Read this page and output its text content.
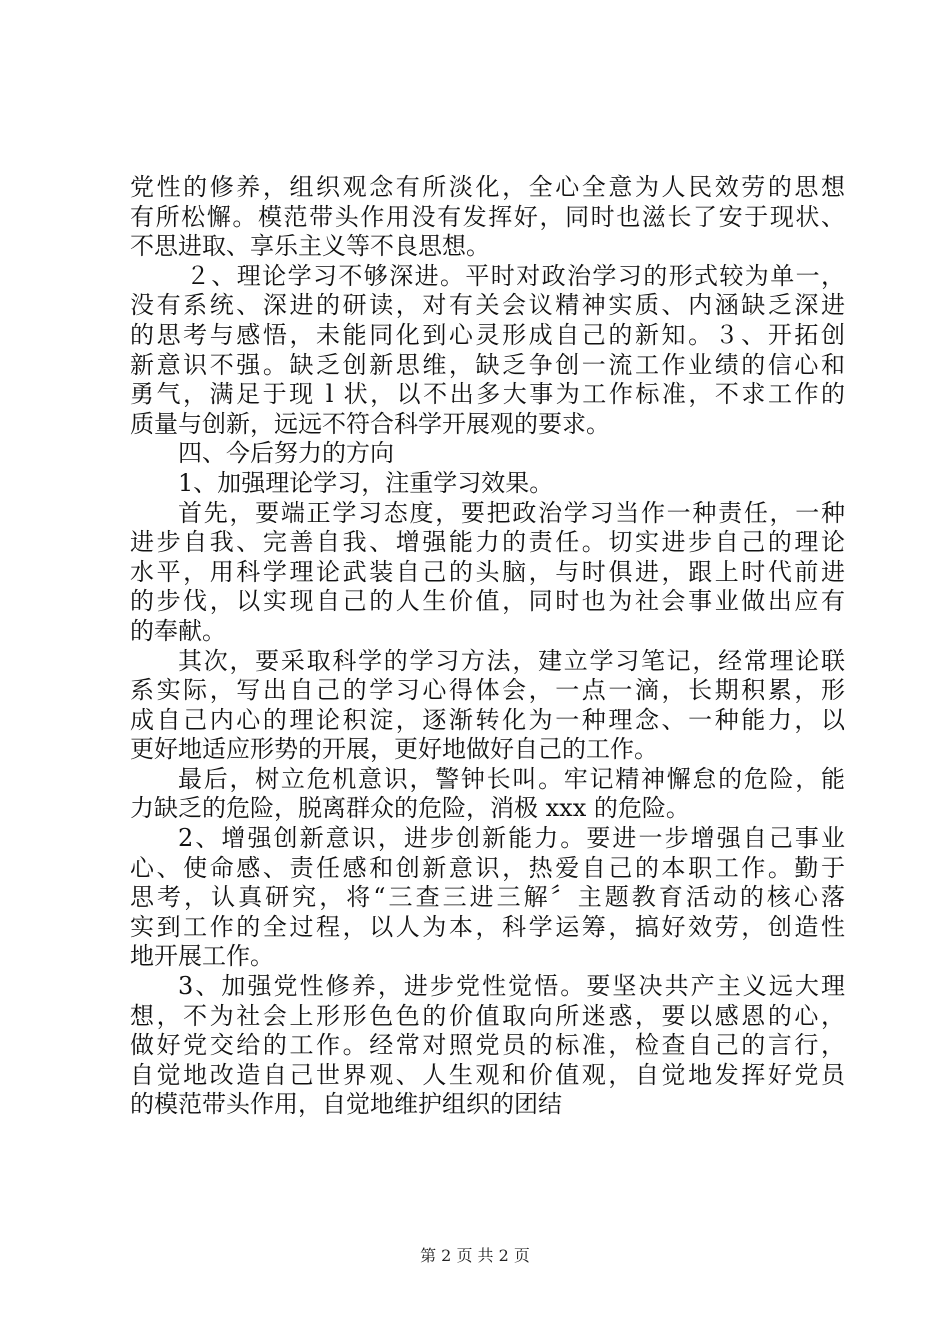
党性的修养，组织观念有所淡化，全心全意为人民效劳的思想
有所松懈。模范带头作用没有发挥好，同时也滋长了安于现状、
不思进取、享乐主义等不良思想。
２、理论学习不够深进。平时对政治学习的形式较为单一，
没有系统、深进的研读，对有关会议精神实质、内涵缺乏深进
的思考与感悟，未能同化到心灵形成自己的新知。３、开拓创
新意识不强。缺乏创新思维，缺乏争创一流工作业绩的信心和
勇气，满足于现 l 状，以不出多大事为工作标准，不求工作的
质量与创新，远远不符合科学开展观的要求。
四、今后努力的方向
1、加强理论学习，注重学习效果。
首先，要端正学习态度，要把政治学习当作一种责任，一种
进步自我、完善自我、增强能力的责任。切实进步自己的理论
水平，用科学理论武装自己的头脑，与时俱进，跟上时代前进
的步伐，以实现自己的人生价值，同时也为社会事业做出应有
的奉献。
其次，要采取科学的学习方法，建立学习笔记，经常理论联
系实际，写出自己的学习心得体会，一点一滴，长期积累，形
成自己内心的理论积淀，逐渐转化为一种理念、一种能力，以
更好地适应形势的开展，更好地做好自己的工作。
最后，树立危机意识，警钟长叫。牢记精神懈怠的危险，能
力缺乏的危险，脱离群众的危险，消极 xxx 的危险。
2、增强创新意识，进步创新能力。要进一步增强自己事业
心、使命感、责任感和创新意识，热爱自己的本职工作。勤于
思考，认真研究，将“三查三进三解〞主题教育活动的核心落
实到工作的全过程，以人为本，科学运筹，搞好效劳，创造性
地开展工作。
3、加强党性修养，进步党性觉悟。要坚决共产主义远大理
想，不为社会上形形色色的价值取向所迷惑，要以感恩的心，
做好党交给的工作。经常对照党员的标准，检查自己的言行，
自觉地改造自己世界观、人生观和价值观，自觉地发挥好党员
的模范带头作用，自觉地维护组织的团结
第 2 页 共 2 页
